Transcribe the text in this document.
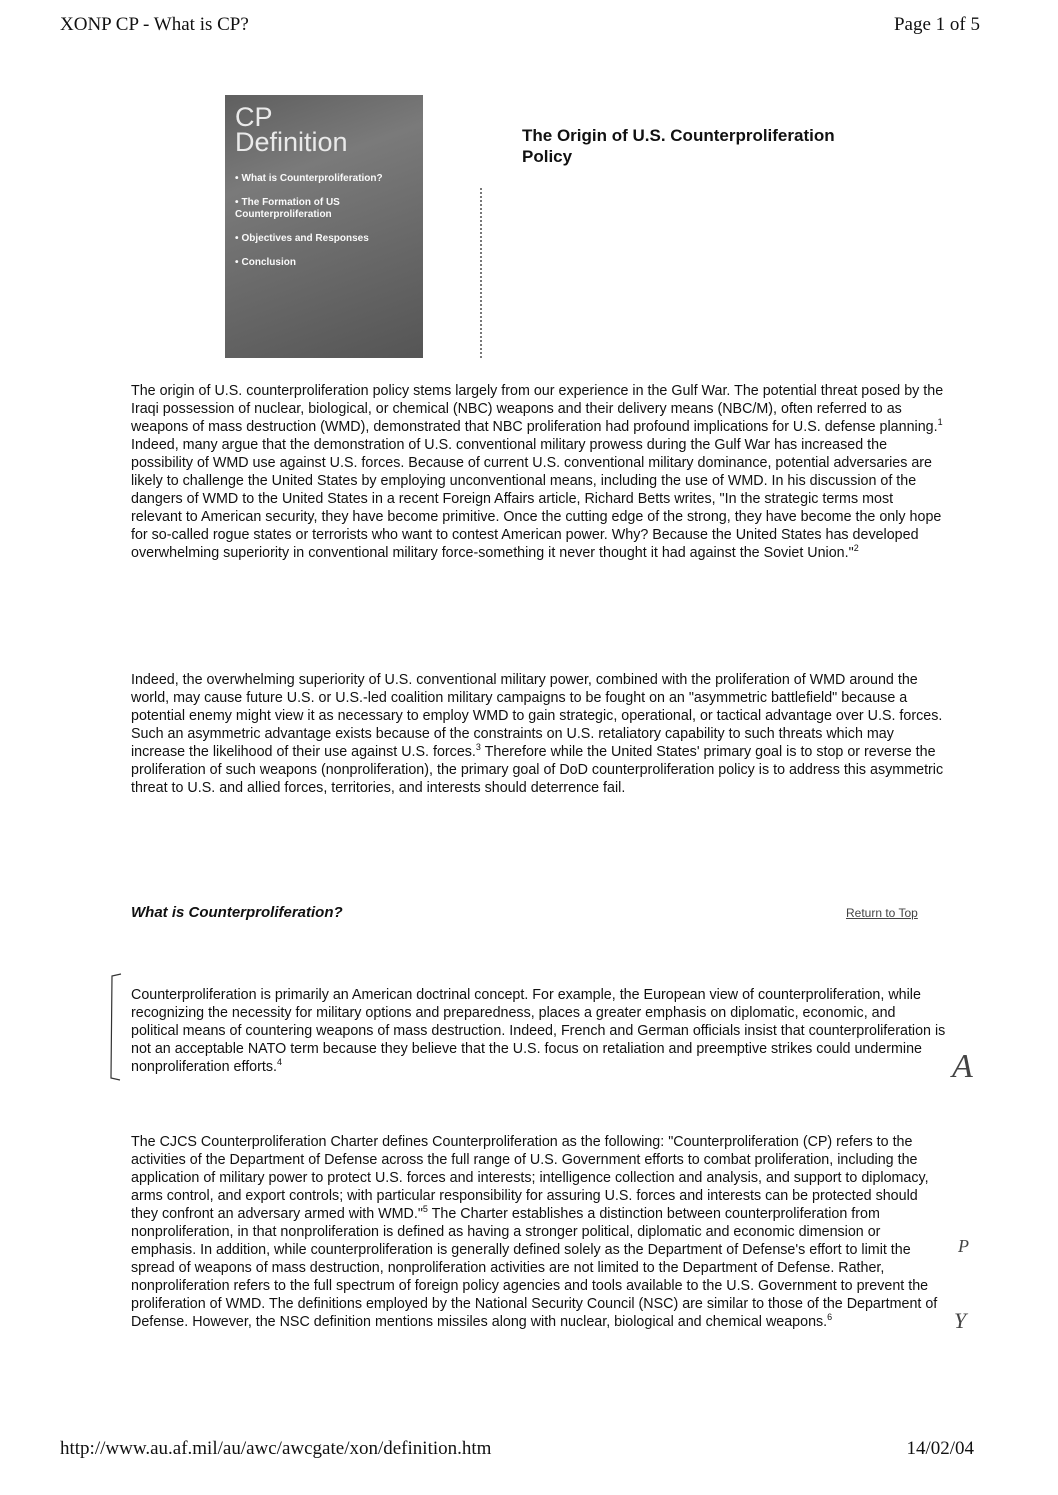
XONP CP - What is CP?	Page 1 of 5
CP
Definition
• What is Counterproliferation?
• The Formation of US Counterproliferation
• Objectives and Responses
• Conclusion
The Origin of U.S. Counterproliferation Policy

The origin of U.S. counterproliferation policy stems largely from our experience in the Gulf War. The potential threat posed by the Iraqi possession of nuclear, biological, or chemical (NBC) weapons and their delivery means (NBC/M), often referred to as weapons of mass destruction (WMD), demonstrated that NBC proliferation had profound implications for U.S. defense planning.$^1$ Indeed, many argue that the demonstration of U.S. conventional military prowess during the Gulf War has increased the possibility of WMD use against U.S. forces. Because of current U.S. conventional military dominance, potential adversaries are likely to challenge the United States by employing unconventional means, including the use of WMD. In his discussion of the dangers of WMD to the United States in a recent Foreign Affairs article, Richard Betts writes, "In the strategic terms most relevant to American security, they have become primitive. Once the cutting edge of the strong, they have become the only hope for so-called rogue states or terrorists who want to contest American power. Why? Because the United States has developed overwhelming superiority in conventional military force-something it never thought it had against the Soviet Union."$^2$

Indeed, the overwhelming superiority of U.S. conventional military power, combined with the proliferation of WMD around the world, may cause future U.S. or U.S.-led coalition military campaigns to be fought on an "asymmetric battlefield" because a potential enemy might view it as necessary to employ WMD to gain strategic, operational, or tactical advantage over U.S. forces. Such an asymmetric advantage exists because of the constraints on U.S. retaliatory capability to such threats which may increase the likelihood of their use against U.S. forces.$^3$ Therefore while the United States' primary goal is to stop or reverse the proliferation of such weapons (nonproliferation), the primary goal of DoD counterproliferation policy is to address this asymmetric threat to U.S. and allied forces, territories, and interests should deterrence fail.

What is Counterproliferation?	Return to Top

Counterproliferation is primarily an American doctrinal concept. For example, the European view of counterproliferation, while recognizing the necessity for military options and preparedness, places a greater emphasis on diplomatic, economic, and political means of countering weapons of mass destruction. Indeed, French and German officials insist that counterproliferation is not an acceptable NATO term because they believe that the U.S. focus on retaliation and preemptive strikes could undermine nonproliferation efforts.$^4$

The CJCS Counterproliferation Charter defines Counterproliferation as the following: "Counterproliferation (CP) refers to the activities of the Department of Defense across the full range of U.S. Government efforts to combat proliferation, including the application of military power to protect U.S. forces and interests; intelligence collection and analysis, and support to diplomacy, arms control, and export controls; with particular responsibility for assuring U.S. forces and interests can be protected should they confront an adversary armed with WMD."$^5$ The Charter establishes a distinction between counterproliferation from nonproliferation, in that nonproliferation is defined as having a stronger political, diplomatic and economic dimension or emphasis. In addition, while counterproliferation is generally defined solely as the Department of Defense's effort to limit the spread of weapons of mass destruction, nonproliferation activities are not limited to the Department of Defense. Rather, nonproliferation refers to the full spectrum of foreign policy agencies and tools available to the U.S. Government to prevent the proliferation of WMD. The definitions employed by the National Security Council (NSC) are similar to those of the Department of Defense. However, the NSC definition mentions missiles along with nuclear, biological and chemical weapons.$^6$

A
P
Y
http://www.au.af.mil/au/awc/awcgate/xon/definition.htm	14/02/04
